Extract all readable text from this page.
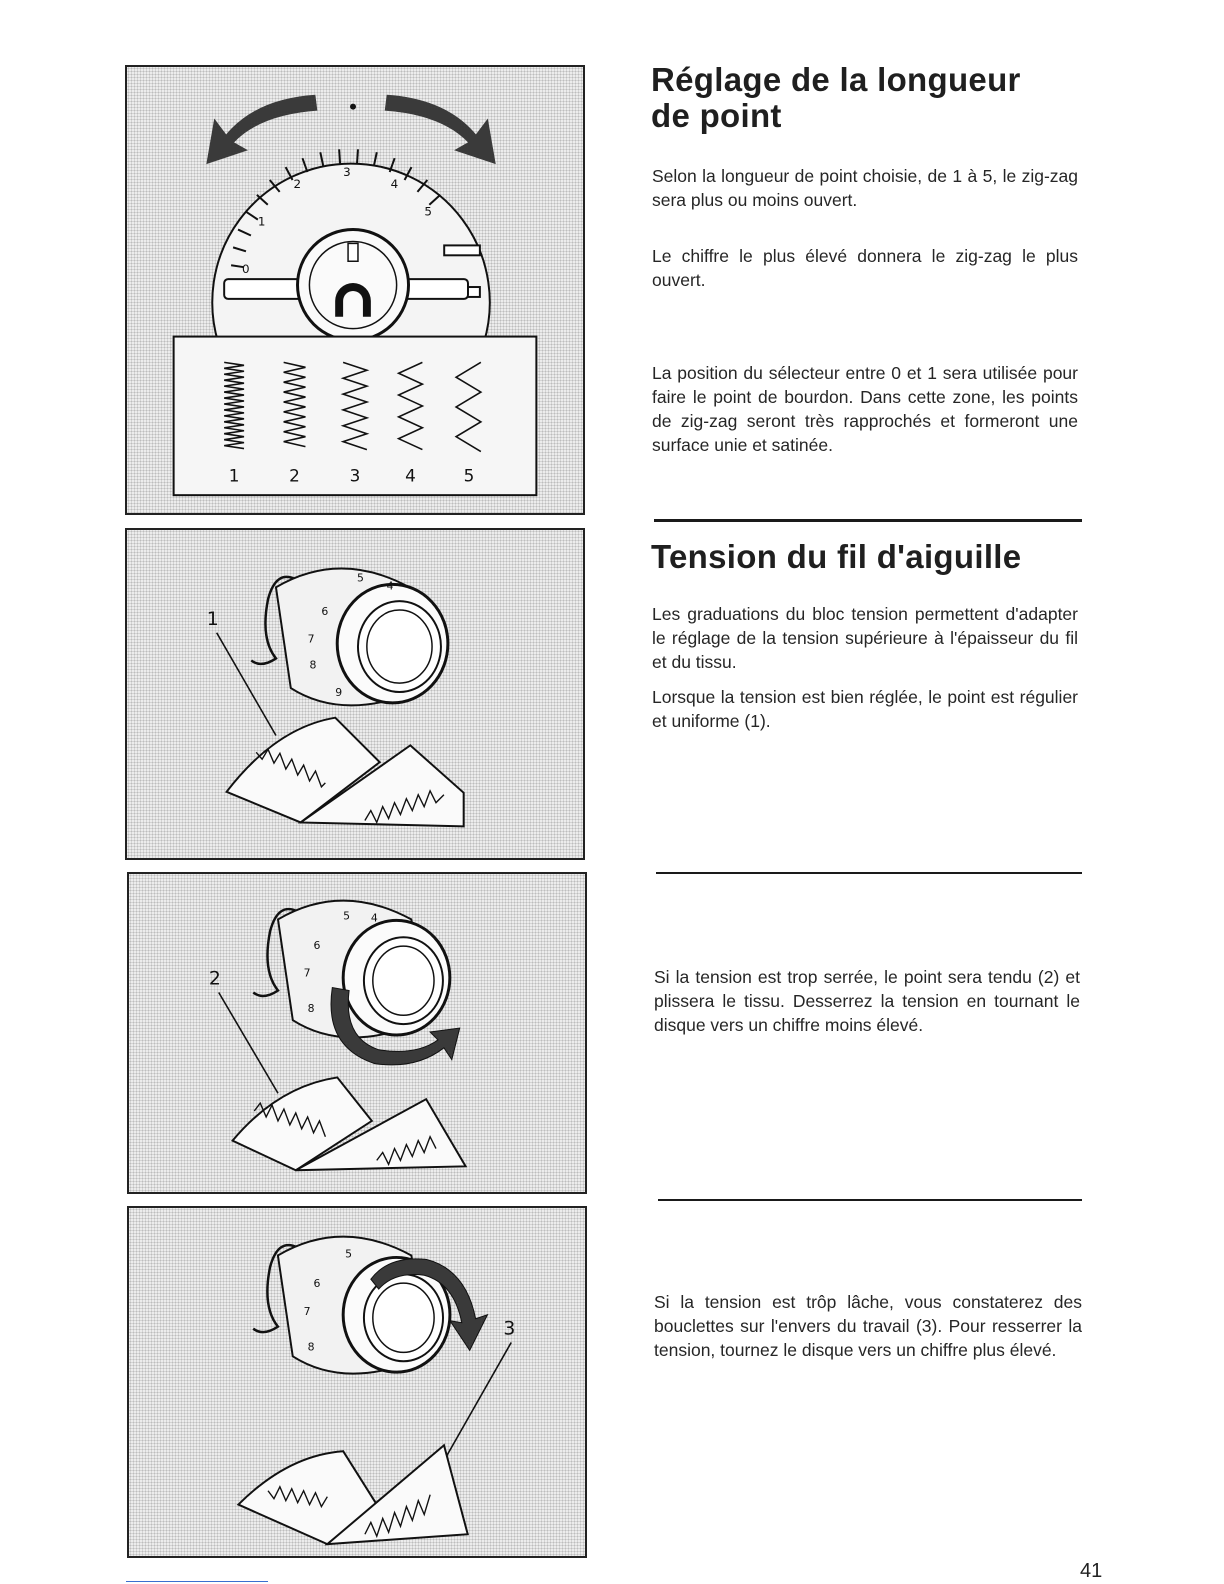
0
1
2
3
4
5
1	2	3	4	5
4
5
6
7
8
9
1
4
5
6
7
8
2
5
6
7
8
3
Réglage de la longueur
de point

Selon la longueur de point choisie, de 1 à 5, le zig-zag sera plus ou moins ouvert.

Le chiffre le plus élevé donnera le zig-zag le plus ouvert.

La position du sélecteur entre 0 et 1 sera utilisée pour faire le point de bourdon. Dans cette zone, les points de zig-zag seront très rapprochés et formeront une surface unie et satinée.

Tension du fil d'aiguille

Les graduations du bloc tension permettent d'adapter le réglage de la tension supérieure à l'épaisseur du fil et du tissu.

Lorsque la tension est bien réglée, le point est régulier et uniforme (1).

Si la tension est trop serrée, le point sera tendu (2) et plissera le tissu. Desserrez la tension en tournant le disque vers un chiffre moins élevé.

Si la tension est trôp lâche, vous constaterez des bouclettes sur l'envers du travail (3). Pour resserrer la tension, tournez le disque vers un chiffre plus élevé.

41
